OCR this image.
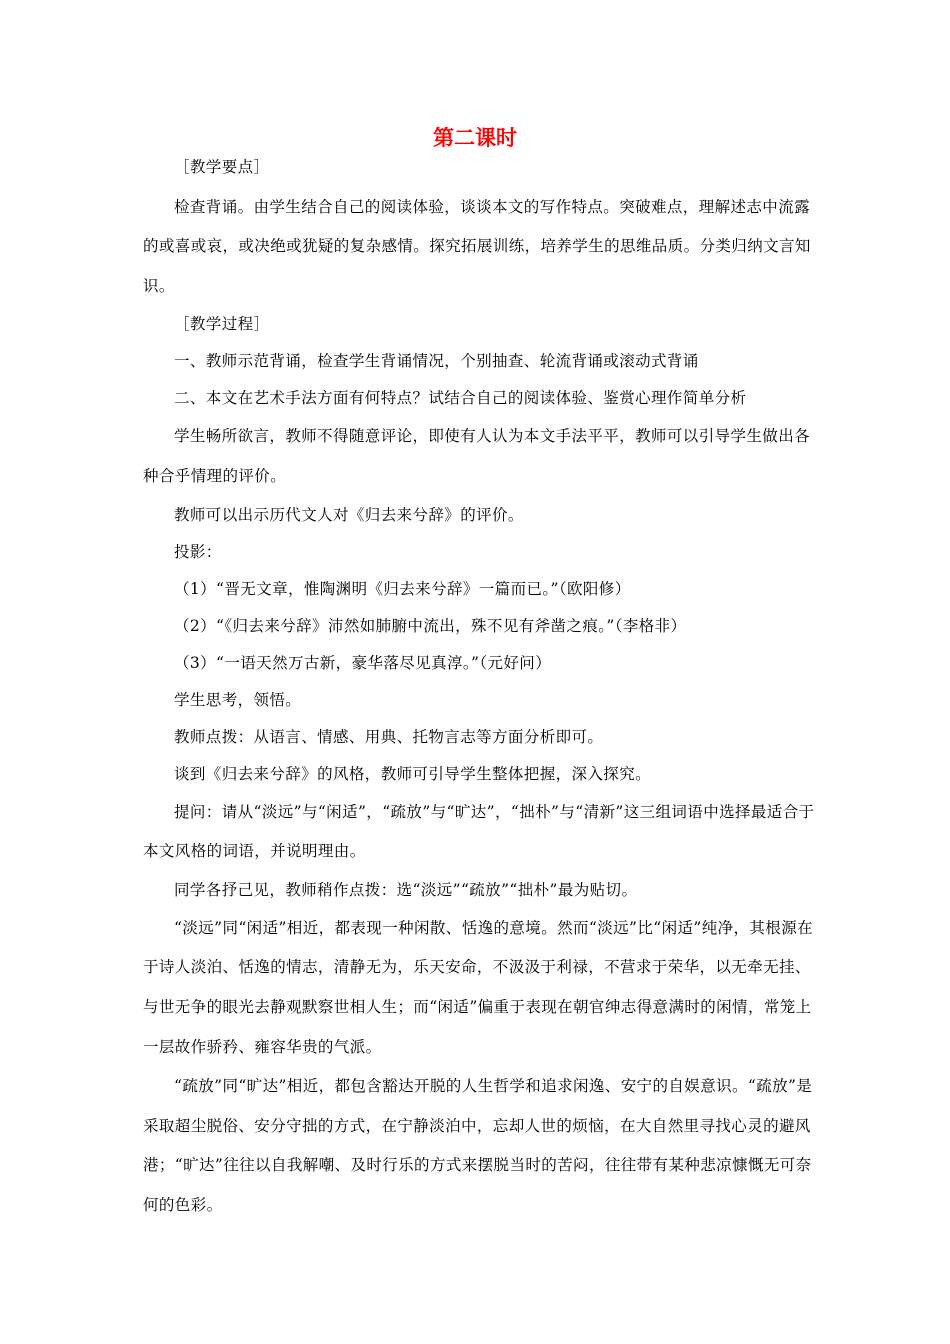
第二课时

［教学要点］

检查背诵。由学生结合自己的阅读体验，谈谈本文的写作特点。突破难点，理解述志中流露的或喜或哀，或决绝或犹疑的复杂感情。探究拓展训练，培养学生的思维品质。分类归纳文言知识。

［教学过程］

一、教师示范背诵，检查学生背诵情况，个别抽查、轮流背诵或滚动式背诵

二、本文在艺术手法方面有何特点？试结合自己的阅读体验、鉴赏心理作简单分析

学生畅所欲言，教师不得随意评论，即使有人认为本文手法平平，教师可以引导学生做出各种合乎情理的评价。

教师可以出示历代文人对《归去来兮辞》的评价。

投影：

（1）“晋无文章，惟陶渊明《归去来兮辞》一篇而已。”（欧阳修）

（2）“《归去来兮辞》沛然如肺腑中流出，殊不见有斧凿之痕。”（李格非）

（3）“一语天然万古新，豪华落尽见真淳。”（元好问）

学生思考，领悟。

教师点拨：从语言、情感、用典、托物言志等方面分析即可。

谈到《归去来兮辞》的风格，教师可引导学生整体把握，深入探究。

提问：请从“淡远”与“闲适”，“疏放”与“旷达”，“拙朴”与“清新”这三组词语中选择最适合于本文风格的词语，并说明理由。

同学各抒己见，教师稍作点拨：选“淡远”“疏放”“拙朴”最为贴切。

“淡远”同“闲适”相近，都表现一种闲散、恬逸的意境。然而“淡远”比“闲适”纯净，其根源在于诗人淡泊、恬逸的情志，清静无为，乐天安命，不汲汲于利禄，不营求于荣华，以无牵无挂、与世无争的眼光去静观默察世相人生；而“闲适”偏重于表现在朝官绅志得意满时的闲情，常笼上一层故作骄矜、雍容华贵的气派。

“疏放”同“旷达”相近，都包含豁达开脱的人生哲学和追求闲逸、安宁的自娱意识。“疏放”是采取超尘脱俗、安分守拙的方式，在宁静淡泊中，忘却人世的烦恼，在大自然里寻找心灵的避风港；“旷达”往往以自我解嘲、及时行乐的方式来摆脱当时的苦闷，往往带有某种悲凉慷慨无可奈何的色彩。
